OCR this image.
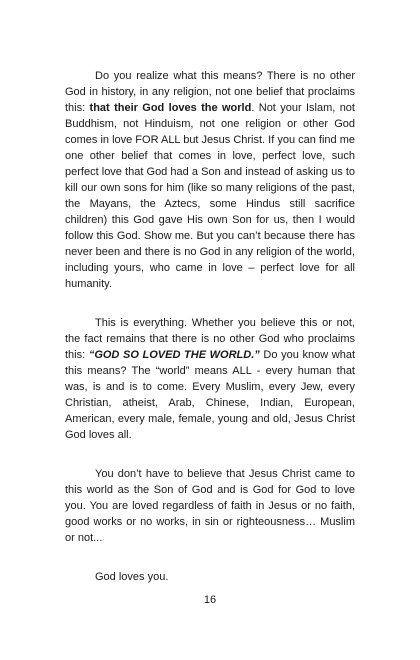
Do you realize what this means? There is no other God in history, in any religion, not one belief that proclaims this: that their God loves the world. Not your Islam, not Buddhism, not Hinduism, not one religion or other God comes in love FOR ALL but Jesus Christ. If you can find me one other belief that comes in love, perfect love, such perfect love that God had a Son and instead of asking us to kill our own sons for him (like so many religions of the past, the Mayans, the Aztecs, some Hindus still sacrifice children) this God gave His own Son for us, then I would follow this God. Show me. But you can’t because there has never been and there is no God in any religion of the world, including yours, who came in love – perfect love for all humanity.

This is everything. Whether you believe this or not, the fact remains that there is no other God who proclaims this: “GOD SO LOVED THE WORLD.” Do you know what this means? The “world” means ALL - every human that was, is and is to come. Every Muslim, every Jew, every Christian, atheist, Arab, Chinese, Indian, European, American, every male, female, young and old, Jesus Christ God loves all.

You don’t have to believe that Jesus Christ came to this world as the Son of God and is God for God to love you. You are loved regardless of faith in Jesus or no faith, good works or no works, in sin or righteousness… Muslim or not...

God loves you.

16
